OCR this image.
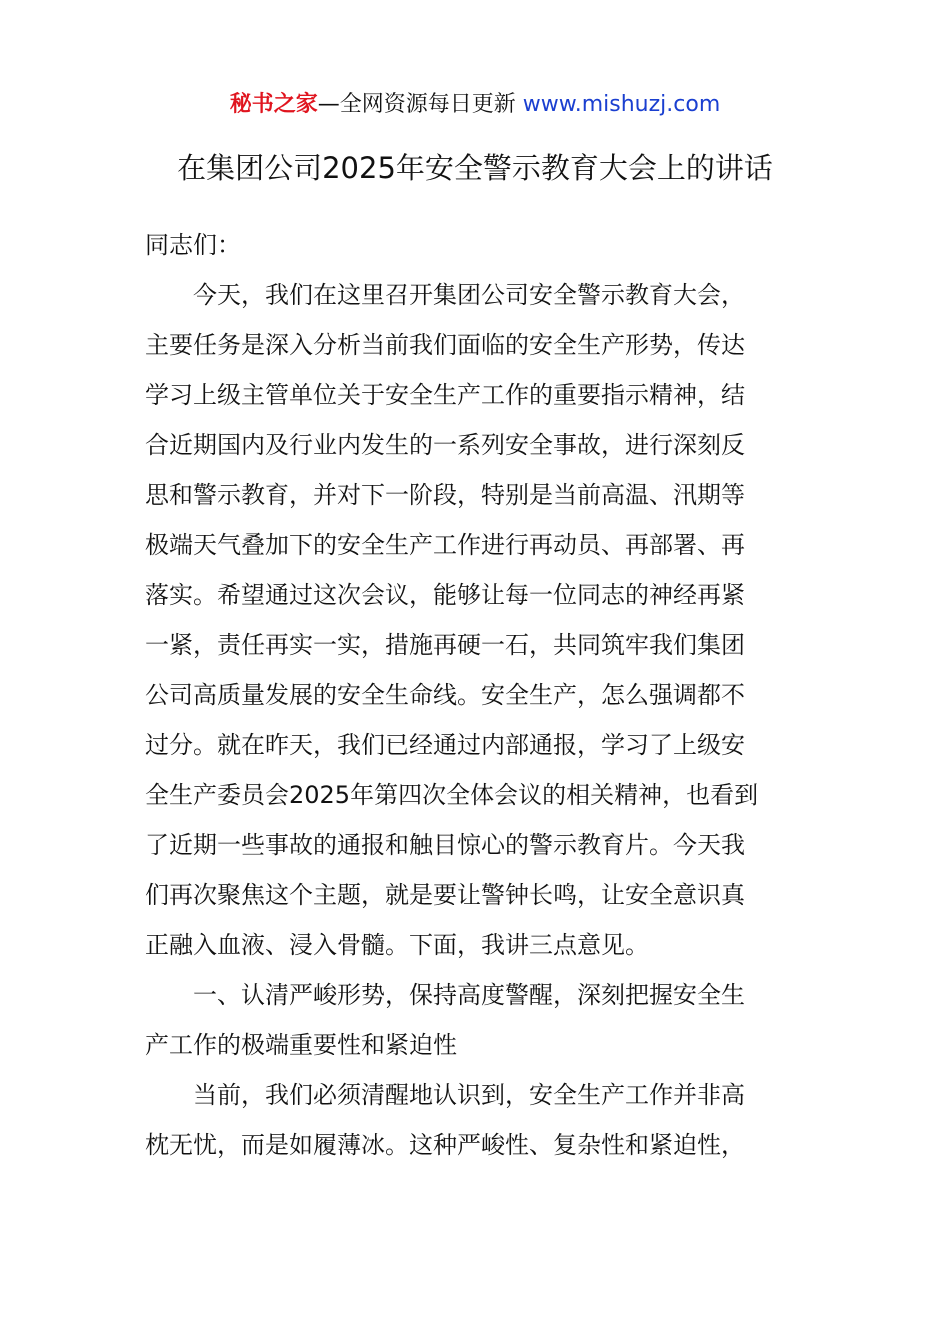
秘书之家—全网资源每日更新 www.mishuzj.com
在集团公司2025年安全警示教育大会上的讲话
同志们：
今天，我们在这里召开集团公司安全警示教育大会，
主要任务是深入分析当前我们面临的安全生产形势，传达
学习上级主管单位关于安全生产工作的重要指示精神，结
合近期国内及行业内发生的一系列安全事故，进行深刻反
思和警示教育，并对下一阶段，特别是当前高温、汛期等
极端天气叠加下的安全生产工作进行再动员、再部署、再
落实。希望通过这次会议，能够让每一位同志的神经再紧
一紧，责任再实一实，措施再硬一石，共同筑牢我们集团
公司高质量发展的安全生命线。安全生产，怎么强调都不
过分。就在昨天，我们已经通过内部通报，学习了上级安
全生产委员会2025年第四次全体会议的相关精神，也看到
了近期一些事故的通报和触目惊心的警示教育片。今天我
们再次聚焦这个主题，就是要让警钟长鸣，让安全意识真
正融入血液、浸入骨髓。下面，我讲三点意见。
一、认清严峻形势，保持高度警醒，深刻把握安全生
产工作的极端重要性和紧迫性
当前，我们必须清醒地认识到，安全生产工作并非高
枕无忧，而是如履薄冰。这种严峻性、复杂性和紧迫性，
